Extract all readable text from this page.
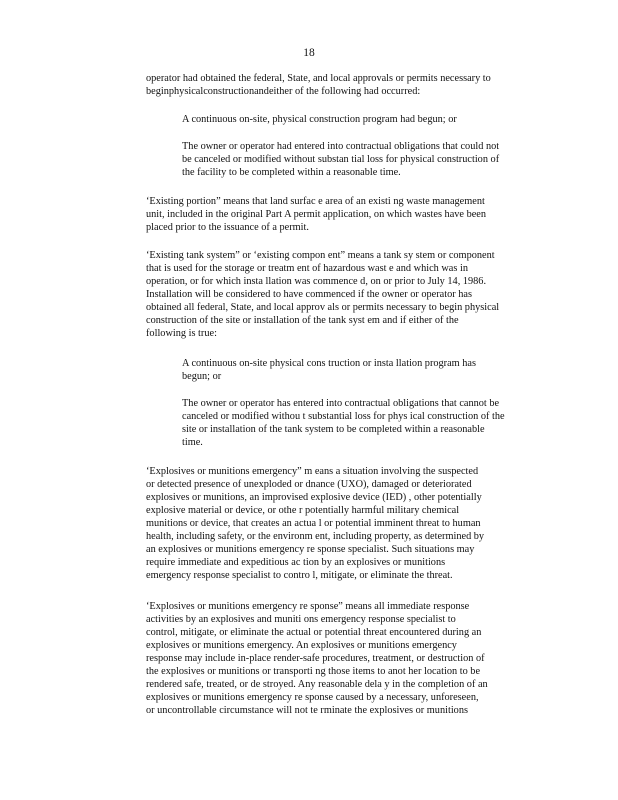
18
operator had obtained the federal, State, and local approvals or permits necessary to
beginphysicalconstructionandeither of the following had occurred:
A continuous on-site, physical construction program had begun; or
The owner or operator had entered into contractual obligations that could not
be canceled or modified without substan tial loss for physical construction of
the facility to be completed within a reasonable time.
‘Existing portion” means that land surfac e area of an existi ng waste management
unit, included in the original Part A permit application, on which wastes have been
placed prior to the issuance of a permit.
‘Existing tank system” or ‘existing compon ent” means a tank sy stem or component
that is used for the storage or treatm ent of hazardous wast e and which was in
operation, or for which insta llation was commence d, on or prior to July 14, 1986.
Installation will be considered to have commenced if the owner or operator has
obtained all federal, State, and local approv als or permits necessary to begin physical
construction of the site or installation of the tank syst em and if either of the
following is true:
A continuous on-site physical cons truction or insta llation program has
begun; or
The owner or operator has entered into contractual obligations that cannot be
canceled or modified withou t substantial loss for phys ical construction of the
site or installation of the tank system to be completed within a reasonable
time.
‘Explosives or munitions emergency” m eans a situation involving the suspected
or detected presence of unexploded or dnance (UXO), damaged or deteriorated
explosives or munitions, an improvised explosive device (IED) , other potentially
explosive material or device, or othe r potentially harmful military chemical
munitions or device, that creates an actua l or potential imminent threat to human
health, including safety, or the environm ent, including property, as determined by
an explosives or munitions emergency re sponse specialist. Such situations may
require immediate and expeditious ac tion by an explosives or munitions
emergency response specialist to contro l, mitigate, or eliminate the threat.
‘Explosives or munitions emergency re sponse” means all immediate response
activities by an explosives and muniti ons emergency response specialist to
control, mitigate, or eliminate the actual or potential threat encountered during an
explosives or munitions emergency. An explosives or munitions emergency
response may include in-place render-safe procedures, treatment, or destruction of
the explosives or munitions or transporti ng those items to anot her location to be
rendered safe, treated, or de stroyed. Any reasonable dela y in the completion of an
explosives or munitions emergency re sponse caused by a necessary, unforeseen,
or uncontrollable circumstance will not te rminate the explosives or munitions
